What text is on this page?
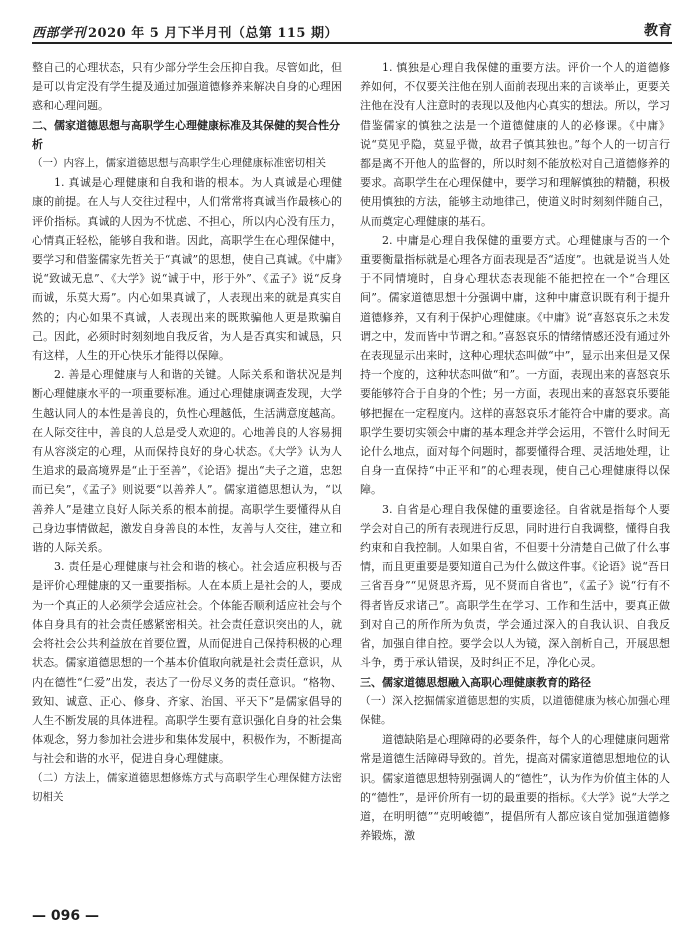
西部学刊 2020 年 5 月下半月刊（总第 115 期）	教育

整自己的心理状态，只有少部分学生会压抑自我。尽管如此，但是可以肯定没有学生提及通过加强道德修养来解决自身的心理困惑和心理问题。

二、儒家道德思想与高职学生心理健康标准及其保健的契合性分析
（一）内容上，儒家道德思想与高职学生心理健康标准密切相关

1. 真诚是心理健康和自我和谐的根本。为人真诚是心理健康的前提。在人与人交往过程中，人们常常将真诚当作最核心的评价指标。真诚的人因为不忧虑、不担心，所以内心没有压力，心情真正轻松，能够自我和谐。因此，高职学生在心理保健中，要学习和借鉴儒家先哲关于“真诚”的思想，使自己真诚。《中庸》说“致诚无息”、《大学》说“诚于中，形于外”、《孟子》说“反身而诚，乐莫大焉”。内心如果真诚了，人表现出来的就是真实自然的；内心如果不真诚，人表现出来的既欺骗他人更是欺骗自己。因此，必须时时刻刻地自我反省，为人是否真实和诚恳，只有这样，人生的开心快乐才能得以保障。

2. 善是心理健康与人和谐的关键。人际关系和谐状况是判断心理健康水平的一项重要标准。通过心理健康调查发现，大学生越认同人的本性是善良的，负性心理越低，生活满意度越高。在人际交往中，善良的人总是受人欢迎的。心地善良的人容易拥有从容淡定的心理，从而保持良好的身心状态。《大学》认为人生追求的最高境界是“止于至善”，《论语》提出“夫子之道，忠恕而已矣”，《孟子》则说要“以善养人”。儒家道德思想认为，“以善养人”是建立良好人际关系的根本前提。高职学生要懂得从自己身边事情做起，激发自身善良的本性，友善与人交往，建立和谐的人际关系。

3. 责任是心理健康与社会和谐的核心。社会适应积极与否是评价心理健康的又一重要指标。人在本质上是社会的人，要成为一个真正的人必须学会适应社会。个体能否顺利适应社会与个体自身具有的社会责任感紧密相关。社会责任意识突出的人，就会将社会公共利益放在首要位置，从而促进自己保持积极的心理状态。儒家道德思想的一个基本价值取向就是社会责任意识，从内在德性“仁爱”出发，表达了一份尽义务的责任意识。“格物、致知、诚意、正心、修身、齐家、治国、平天下”是儒家倡导的人生不断发展的具体进程。高职学生要有意识强化自身的社会集体观念，努力参加社会进步和集体发展中，积极作为，不断提高与社会和谐的水平，促进自身心理健康。

（二）方法上，儒家道德思想修炼方式与高职学生心理保健方法密切相关

1. 慎独是心理自我保健的重要方法。评价一个人的道德修养如何，不仅要关注他在别人面前表现出来的言谈举止，更要关注他在没有人注意时的表现以及他内心真实的想法。所以，学习借鉴儒家的慎独之法是一个道德健康的人的必修课。《中庸》说“莫见乎隐，莫显乎微，故君子慎其独也。”每个人的一切言行都是离不开他人的监督的，所以时刻不能放松对自己道德修养的要求。高职学生在心理保健中，要学习和理解慎独的精髓，积极使用慎独的方法，能够主动地律己，使道义时时刻刻伴随自己，从而奠定心理健康的基石。

2. 中庸是心理自我保健的重要方式。心理健康与否的一个重要衡量指标就是心理各方面表现是否“适度”。也就是说当人处于不同情境时，自身心理状态表现能不能把控在一个“合理区间”。儒家道德思想十分强调中庸，这种中庸意识既有利于提升道德修养，又有利于保护心理健康。《中庸》说“喜怒哀乐之未发谓之中，发而皆中节谓之和。”喜怒哀乐的情绪情感还没有通过外在表现显示出来时，这种心理状态叫做“中”，显示出来但是又保持一个度的，这种状态叫做“和”。一方面，表现出来的喜怒哀乐要能够符合于自身的个性；另一方面，表现出来的喜怒哀乐要能够把握在一定程度内。这样的喜怒哀乐才能符合中庸的要求。高职学生要切实领会中庸的基本理念并学会运用，不管什么时间无论什么地点，面对每个问题时，都要懂得合理、灵活地处理，让自身一直保持“中正平和”的心理表现，使自己心理健康得以保障。

3. 自省是心理自我保健的重要途径。自省就是指每个人要学会对自己的所有表现进行反思，同时进行自我调整，懂得自我约束和自我控制。人如果自省，不但要十分清楚自己做了什么事情，而且更重要是要知道自己为什么做这件事。《论语》说“吾日三省吾身”“见贤思齐焉，见不贤而自省也”，《孟子》说“行有不得者皆反求诸己”。高职学生在学习、工作和生活中，要真正做到对自己的所作所为负责，学会通过深入的自我认识、自我反省，加强自律自控。要学会以人为镜，深入剖析自己，开展思想斗争，勇于承认错误，及时纠正不足，净化心灵。

三、儒家道德思想融入高职心理健康教育的路径
（一）深入挖掘儒家道德思想的实质，以道德健康为核心加强心理保健。

道德缺陷是心理障碍的必要条件，每个人的心理健康问题常常是道德生活障碍导致的。首先，提高对儒家道德思想地位的认识。儒家道德思想特别强调人的“德性”，认为作为价值主体的人的“德性”，是评价所有一切的最重要的指标。《大学》说“大学之道，在明明德”“克明峻德”，提倡所有人都应该自觉加强道德修养锻炼，激

— 096 —
